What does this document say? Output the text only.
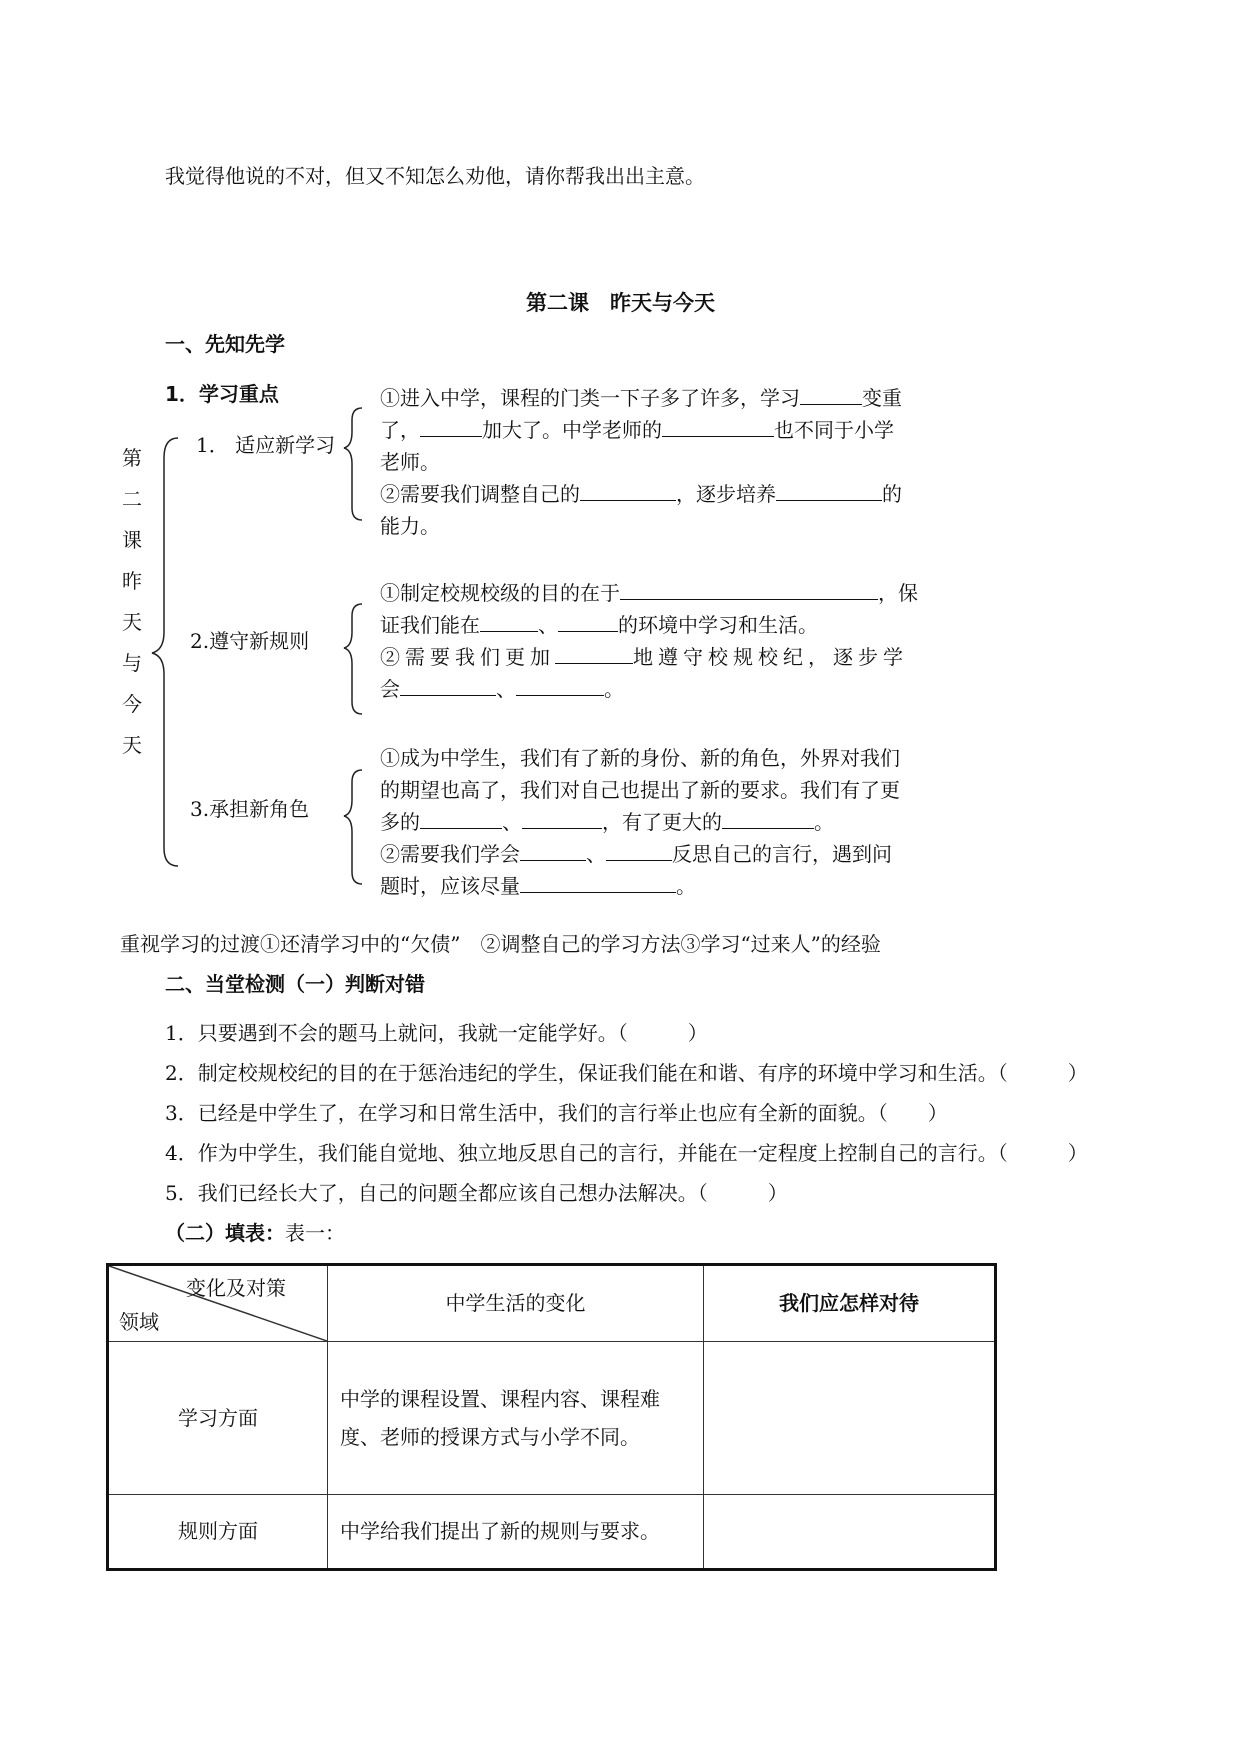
我觉得他说的不对，但又不知怎么劝他，请你帮我出出主意。
第二课　昨天与今天
一、先知先学
1．学习重点
第
二
课
昨
天
与
今
天
1． 适应新学习
2.遵守新规则
3.承担新角色
①进入中学，课程的门类一下子多了许多，学习	变重
了，	加大了。中学老师的	也不同于小学
老师。
②需要我们调整自己的	，逐步培养	的
能力。
①制定校规校级的目的在于	，保
证我们能在	、	的环境中学习和生活。
②需要我们更加	地遵守校规校纪，逐步学
会	、	。
①成为中学生，我们有了新的身份、新的角色，外界对我们
的期望也高了，我们对自己也提出了新的要求。我们有了更
多的	、	，有了更大的	。
②需要我们学会	、	反思自己的言行，遇到问
题时，应该尽量	。
重视学习的过渡①还清学习中的“欠债”　②调整自己的学习方法③学习“过来人”的经验
二、当堂检测（一）判断对错
1．只要遇到不会的题马上就问，我就一定能学好。（　　　）
2．制定校规校纪的目的在于惩治违纪的学生，保证我们能在和谐、有序的环境中学习和生活。（　　　）
3．已经是中学生了，在学习和日常生活中，我们的言行举止也应有全新的面貌。（　　）
4．作为中学生，我们能自觉地、独立地反思自己的言行，并能在一定程度上控制自己的言行。（　　　）
5．我们已经长大了，自己的问题全都应该自己想办法解决。（　　　）
（二）填表：表一：
变化及对策
领域	中学生活的变化	我们应怎样对待
学习方面	中学的课程设置、课程内容、课程难度、老师的授课方式与小学不同。	
规则方面	中学给我们提出了新的规则与要求。	
